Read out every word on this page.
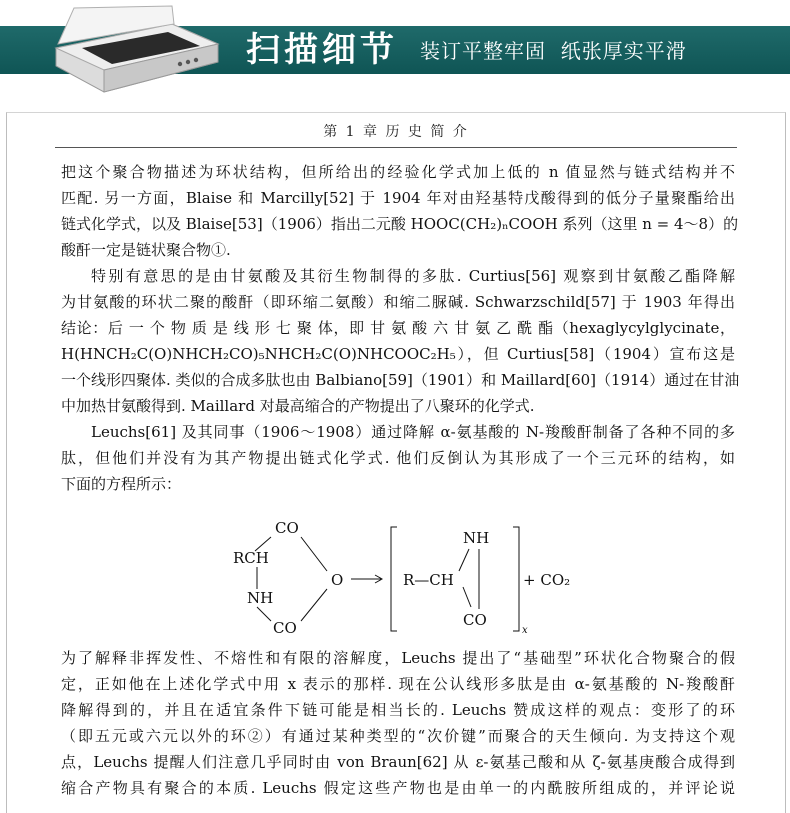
扫描细节 装订平整牢固  纸张厚实平滑
第 1 章 历 史 简 介
把这个聚合物描述为环状结构，但所给出的经验化学式加上低的 n 值显然与链式结构并不
匹配. 另一方面，Blaise 和 Marcilly[52] 于 1904 年对由羟基特戊酸得到的低分子量聚酯给出
链式化学式，以及 Blaise[53]（1906）指出二元酸 HOOC(CH₂)ₙCOOH 系列（这里 n = 4～8）的
酸酐一定是链状聚合物①.
特别有意思的是由甘氨酸及其衍生物制得的多肽. Curtius[56] 观察到甘氨酸乙酯降解
为甘氨酸的环状二聚的酸酐（即环缩二氨酸）和缩二脲碱. Schwarzschild[57] 于 1903 年得出
结论：后 一 个 物 质 是 线 形 七 聚 体，即 甘 氨 酸 六 甘 氨 乙 酰 酯（hexaglycylglycinate，
H(HNCH₂C(O)NHCH₂CO)₅NHCH₂C(O)NHCOOC₂H₅），但 Curtius[58]（1904）宣布这是
一个线形四聚体. 类似的合成多肽也由 Balbiano[59]（1901）和 Maillard[60]（1914）通过在甘油
中加热甘氨酸得到. Maillard 对最高缩合的产物提出了八聚环的化学式.
Leuchs[61] 及其同事（1906～1908）通过降解 α-氨基酸的 N-羧酸酐制备了各种不同的多
肽，但他们并没有为其产物提出链式化学式. 他们反倒认为其形成了一个三元环的结构，如
下面的方程所示：
CO
RCH
NH
CO
O
NH
R—CH
CO
x
+ CO₂
为了解释非挥发性、不熔性和有限的溶解度，Leuchs 提出了“基础型”环状化合物聚合的假
定，正如他在上述化学式中用 x 表示的那样. 现在公认线形多肽是由 α-氨基酸的 N-羧酸酐
降解得到的，并且在适宜条件下链可能是相当长的. Leuchs 赞成这样的观点：变形了的环
（即五元或六元以外的环②）有通过某种类型的“次价键”而聚合的天生倾向. 为支持这个观
点，Leuchs 提醒人们注意几乎同时由 von Braun[62] 从 ε-氨基己酸和从 ζ-氨基庚酸合成得到
缩合产物具有聚合的本质. Leuchs 假定这些产物也是由单一的内酰胺所组成的，并评论说
